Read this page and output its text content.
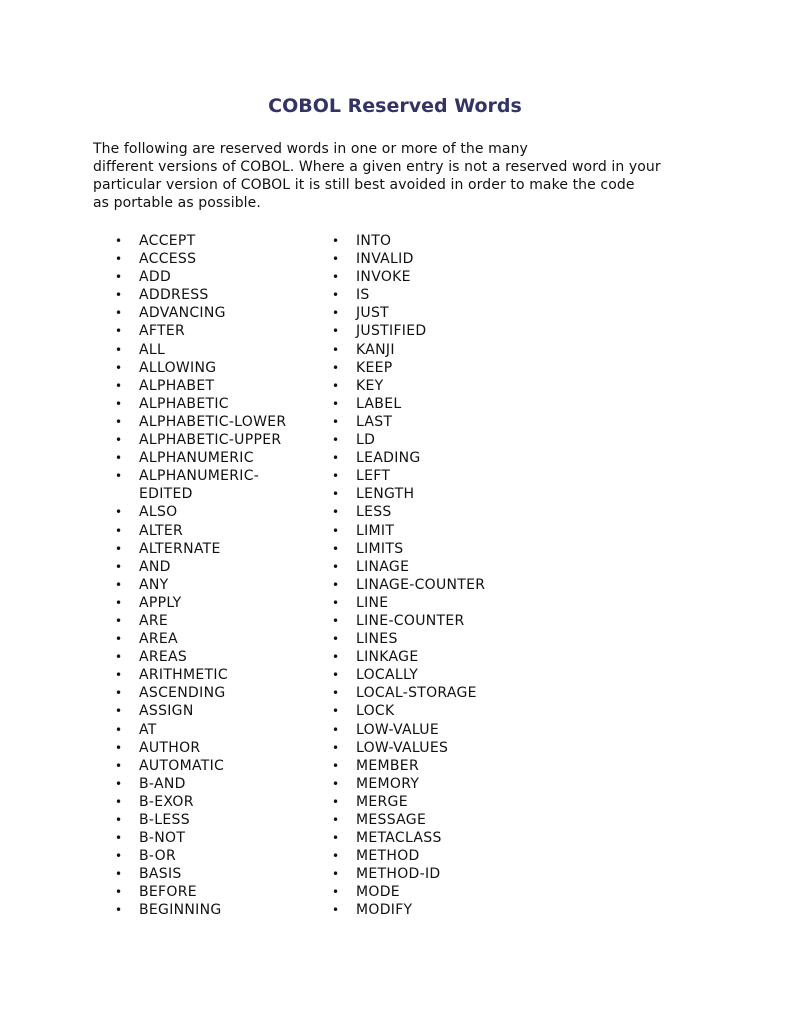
COBOL Reserved Words

The following are reserved words in one or more of the many
different versions of COBOL. Where a given entry is not a reserved word in your
particular version of COBOL it is still best avoided in order to make the code
as portable as possible.

• ACCEPT
• ACCESS
• ADD
• ADDRESS
• ADVANCING
• AFTER
• ALL
• ALLOWING
• ALPHABET
• ALPHABETIC
• ALPHABETIC-LOWER
• ALPHABETIC-UPPER
• ALPHANUMERIC
• ALPHANUMERIC-EDITED
• ALSO
• ALTER
• ALTERNATE
• AND
• ANY
• APPLY
• ARE
• AREA
• AREAS
• ARITHMETIC
• ASCENDING
• ASSIGN
• AT
• AUTHOR
• AUTOMATIC
• B-AND
• B-EXOR
• B-LESS
• B-NOT
• B-OR
• BASIS
• BEFORE
• BEGINNING
• INTO
• INVALID
• INVOKE
• IS
• JUST
• JUSTIFIED
• KANJI
• KEEP
• KEY
• LABEL
• LAST
• LD
• LEADING
• LEFT
• LENGTH
• LESS
• LIMIT
• LIMITS
• LINAGE
• LINAGE-COUNTER
• LINE
• LINE-COUNTER
• LINES
• LINKAGE
• LOCALLY
• LOCAL-STORAGE
• LOCK
• LOW-VALUE
• LOW-VALUES
• MEMBER
• MEMORY
• MERGE
• MESSAGE
• METACLASS
• METHOD
• METHOD-ID
• MODE
• MODIFY
